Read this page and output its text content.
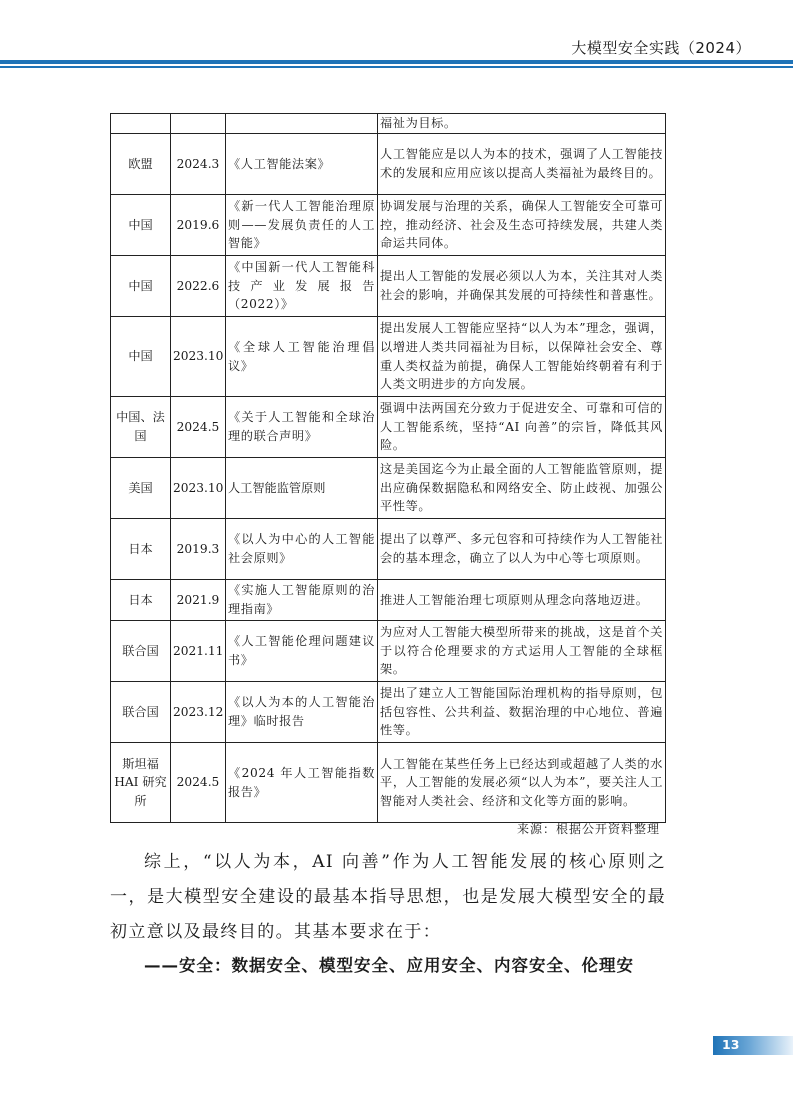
大模型安全实践（2024）
			福祉为目标。
欧盟	2024.3	《人工智能法案》	人工智能应是以人为本的技术，强调了人工智能技术的发展和应用应该以提高人类福祉为最终目的。
中国	2019.6	《新一代人工智能治理原则——发展负责任的人工智能》	协调发展与治理的关系，确保人工智能安全可靠可控，推动经济、社会及生态可持续发展，共建人类命运共同体。
中国	2022.6	《中国新一代人工智能科技产业发展报告（2022）》	提出人工智能的发展必须以人为本，关注其对人类社会的影响，并确保其发展的可持续性和普惠性。
中国	2023.10	《全球人工智能治理倡议》	提出发展人工智能应坚持“以人为本”理念，强调，以增进人类共同福祉为目标，以保障社会安全、尊重人类权益为前提，确保人工智能始终朝着有利于人类文明进步的方向发展。
中国、法国	2024.5	《关于人工智能和全球治理的联合声明》	强调中法两国充分致力于促进安全、可靠和可信的人工智能系统，坚持“AI 向善”的宗旨，降低其风险。
美国	2023.10	人工智能监管原则	这是美国迄今为止最全面的人工智能监管原则，提出应确保数据隐私和网络安全、防止歧视、加强公平性等。
日本	2019.3	《以人为中心的人工智能社会原则》	提出了以尊严、多元包容和可持续作为人工智能社会的基本理念，确立了以人为中心等七项原则。
日本	2021.9	《实施人工智能原则的治理指南》	推进人工智能治理七项原则从理念向落地迈进。
联合国	2021.11	《人工智能伦理问题建议书》	为应对人工智能大模型所带来的挑战，这是首个关于以符合伦理要求的方式运用人工智能的全球框架。
联合国	2023.12	《以人为本的人工智能治理》临时报告	提出了建立人工智能国际治理机构的指导原则，包括包容性、公共利益、数据治理的中心地位、普遍性等。
斯坦福 HAI 研究所	2024.5	《2024 年人工智能指数报告》	人工智能在某些任务上已经达到或超越了人类的水平，人工智能的发展必须“以人为本”，要关注人工智能对人类社会、经济和文化等方面的影响。
来源：根据公开资料整理

综上，“以人为本，AI 向善”作为人工智能发展的核心原则之一，是大模型安全建设的最基本指导思想，也是发展大模型安全的最初立意以及最终目的。其基本要求在于：

——安全：数据安全、模型安全、应用安全、内容安全、伦理安
13
